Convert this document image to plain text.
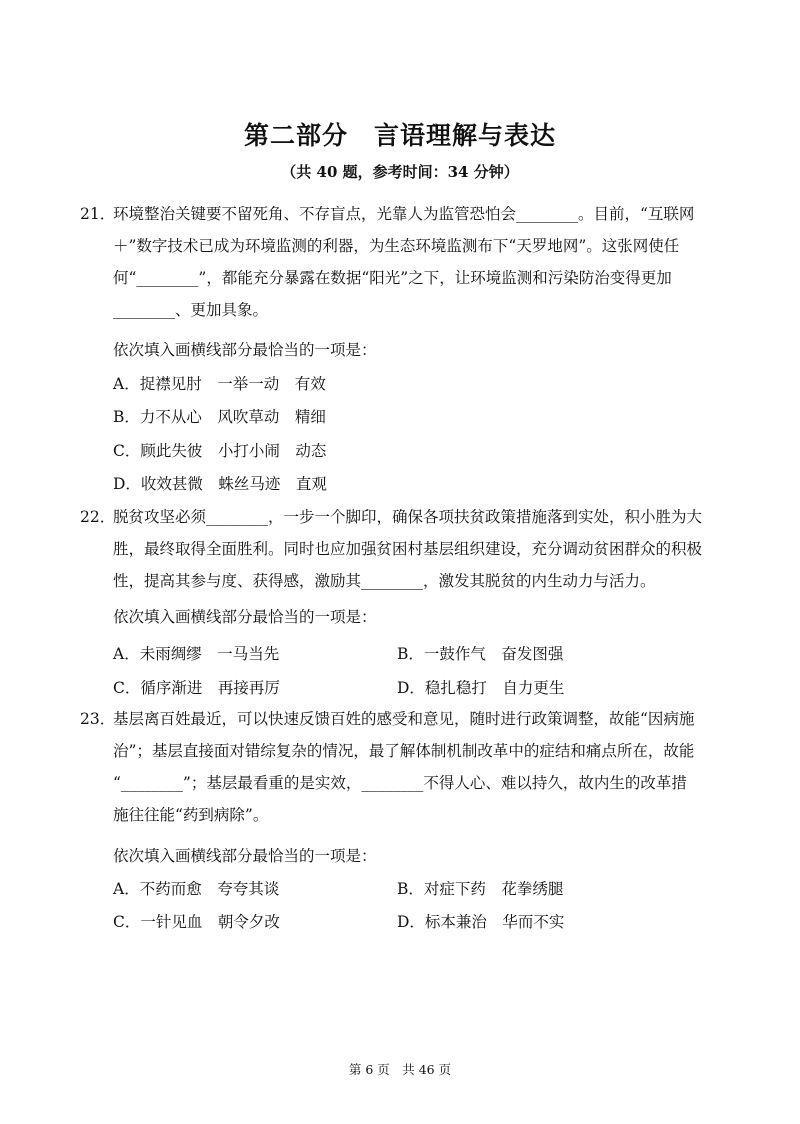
第二部分　言语理解与表达
（共 40 题，参考时间：34 分钟）
21．
环境整治关键要不留死角、不存盲点，光靠人为监管恐怕会________。目前，“互联网
＋”数字技术已成为环境监测的利器，为生态环境监测布下“天罗地网”。这张网使任
何“________”，都能充分暴露在数据“阳光”之下，让环境监测和污染防治变得更加
________、更加具象。
依次填入画横线部分最恰当的一项是：
A．捉襟见肘　一举一动　有效
B．力不从心　风吹草动　精细
C．顾此失彼　小打小闹　动态
D．收效甚微　蛛丝马迹　直观
22．
脱贫攻坚必须________，一步一个脚印，确保各项扶贫政策措施落到实处，积小胜为大
胜，最终取得全面胜利。同时也应加强贫困村基层组织建设，充分调动贫困群众的积极
性，提高其参与度、获得感，激励其________，激发其脱贫的内生动力与活力。
依次填入画横线部分最恰当的一项是：
A．未雨绸缪　一马当先	B．一鼓作气　奋发图强
C．循序渐进　再接再厉	D．稳扎稳打　自力更生
23．
基层离百姓最近，可以快速反馈百姓的感受和意见，随时进行政策调整，故能“因病施
治”；基层直接面对错综复杂的情况，最了解体制机制改革中的症结和痛点所在，故能
“________”；基层最看重的是实效，________不得人心、难以持久，故内生的改革措
施往往能“药到病除”。
依次填入画横线部分最恰当的一项是：
A．不药而愈　夸夸其谈	B．对症下药　花拳绣腿
C．一针见血　朝令夕改	D．标本兼治　华而不实
第 6 页　共 46 页
